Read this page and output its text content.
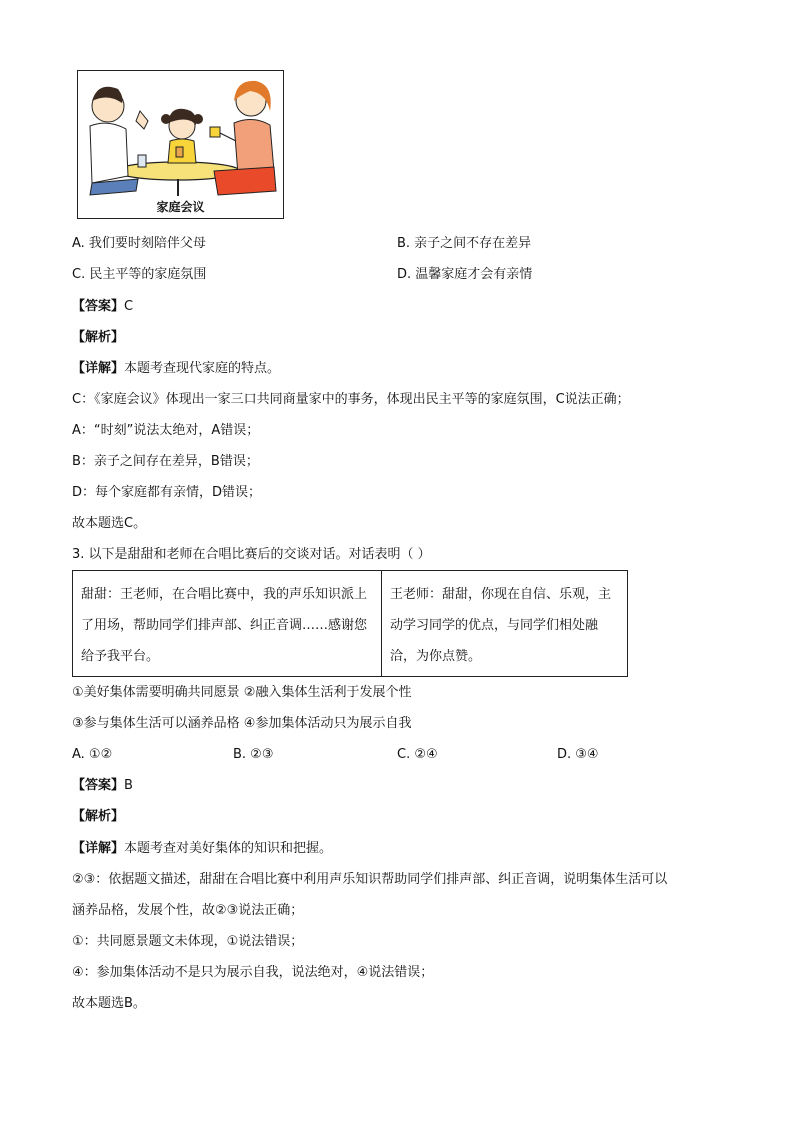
家庭会议
A. 我们要时刻陪伴父母	B. 亲子之间不存在差异
C. 民主平等的家庭氛围	D. 温馨家庭才会有亲情
【答案】C
【解析】
【详解】本题考查现代家庭的特点。
C：《家庭会议》体现出一家三口共同商量家中的事务，体现出民主平等的家庭氛围，C说法正确；
A：“时刻”说法太绝对，A错误；
B：亲子之间存在差异，B错误；
D：每个家庭都有亲情，D错误；
故本题选C。
3. 以下是甜甜和老师在合唱比赛后的交谈对话。对话表明（ ）
甜甜：王老师，在合唱比赛中，我的声乐知识派上了用场，帮助同学们排声部、纠正音调……感谢您给予我平台。	王老师：甜甜，你现在自信、乐观，主动学习同学的优点，与同学们相处融洽，为你点赞。
①美好集体需要明确共同愿景 ②融入集体生活利于发展个性
③参与集体生活可以涵养品格 ④参加集体活动只为展示自我
A. ①②	B. ②③	C. ②④	D. ③④
【答案】B
【解析】
【详解】本题考查对美好集体的知识和把握。
②③：依据题文描述，甜甜在合唱比赛中利用声乐知识帮助同学们排声部、纠正音调，说明集体生活可以
涵养品格，发展个性，故②③说法正确；
①：共同愿景题文未体现，①说法错误；
④：参加集体活动不是只为展示自我，说法绝对，④说法错误；
故本题选B。
